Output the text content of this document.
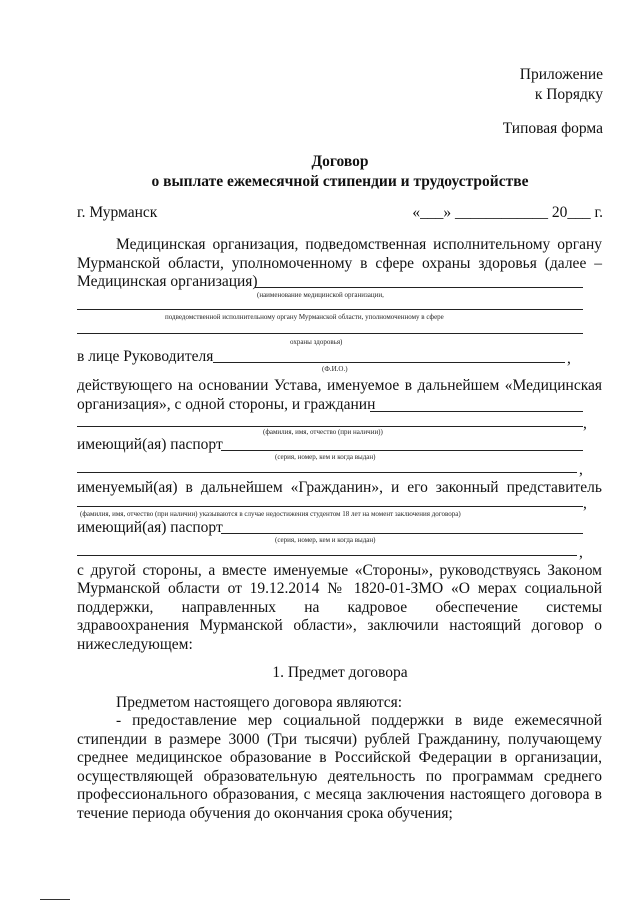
Приложение
к Порядку
Типовая форма
Договор
о выплате ежемесячной стипендии и трудоустройстве
г. Мурманск	«___» ____________ 20___ г.
Медицинская организация, подведомственная исполнительному органу
Мурманской области, уполномоченному в сфере охраны здоровья (далее –
Медицинская организация)
(наименование медицинской организации,
подведомственной исполнительному органу Мурманской области, уполномоченному в сфере
охраны здоровья)
в лице Руководителя	,
(Ф.И.О.)
действующего на основании Устава, именуемое в дальнейшем «Медицинская
организация», с одной стороны, и гражданин
,
(фамилия, имя, отчество (при наличии))
имеющий(ая) паспорт
(серия, номер, кем и когда выдан)
,
именуемый(ая) в дальнейшем «Гражданин», и его законный представитель
,
(фамилия, имя, отчество (при наличии) указываются в случае недостижения студентом 18 лет на момент заключения договора)
имеющий(ая) паспорт
(серия, номер, кем и когда выдан)
,
с другой стороны, а вместе именуемые «Стороны», руководствуясь Законом
Мурманской области от 19.12.2014 № 1820-01-ЗМО «О мерах социальной
поддержки, направленных на кадровое обеспечение системы
здравоохранения Мурманской области», заключили настоящий договор о
нижеследующем:
1. Предмет договора
Предметом настоящего договора являются:
- предоставление мер социальной поддержки в виде ежемесячной
стипендии в размере 3000 (Три тысячи) рублей Гражданину, получающему
среднее медицинское образование в Российской Федерации в организации,
осуществляющей образовательную деятельность по программам среднего
профессионального образования, с месяца заключения настоящего договора в
течение периода обучения до окончания срока обучения;
